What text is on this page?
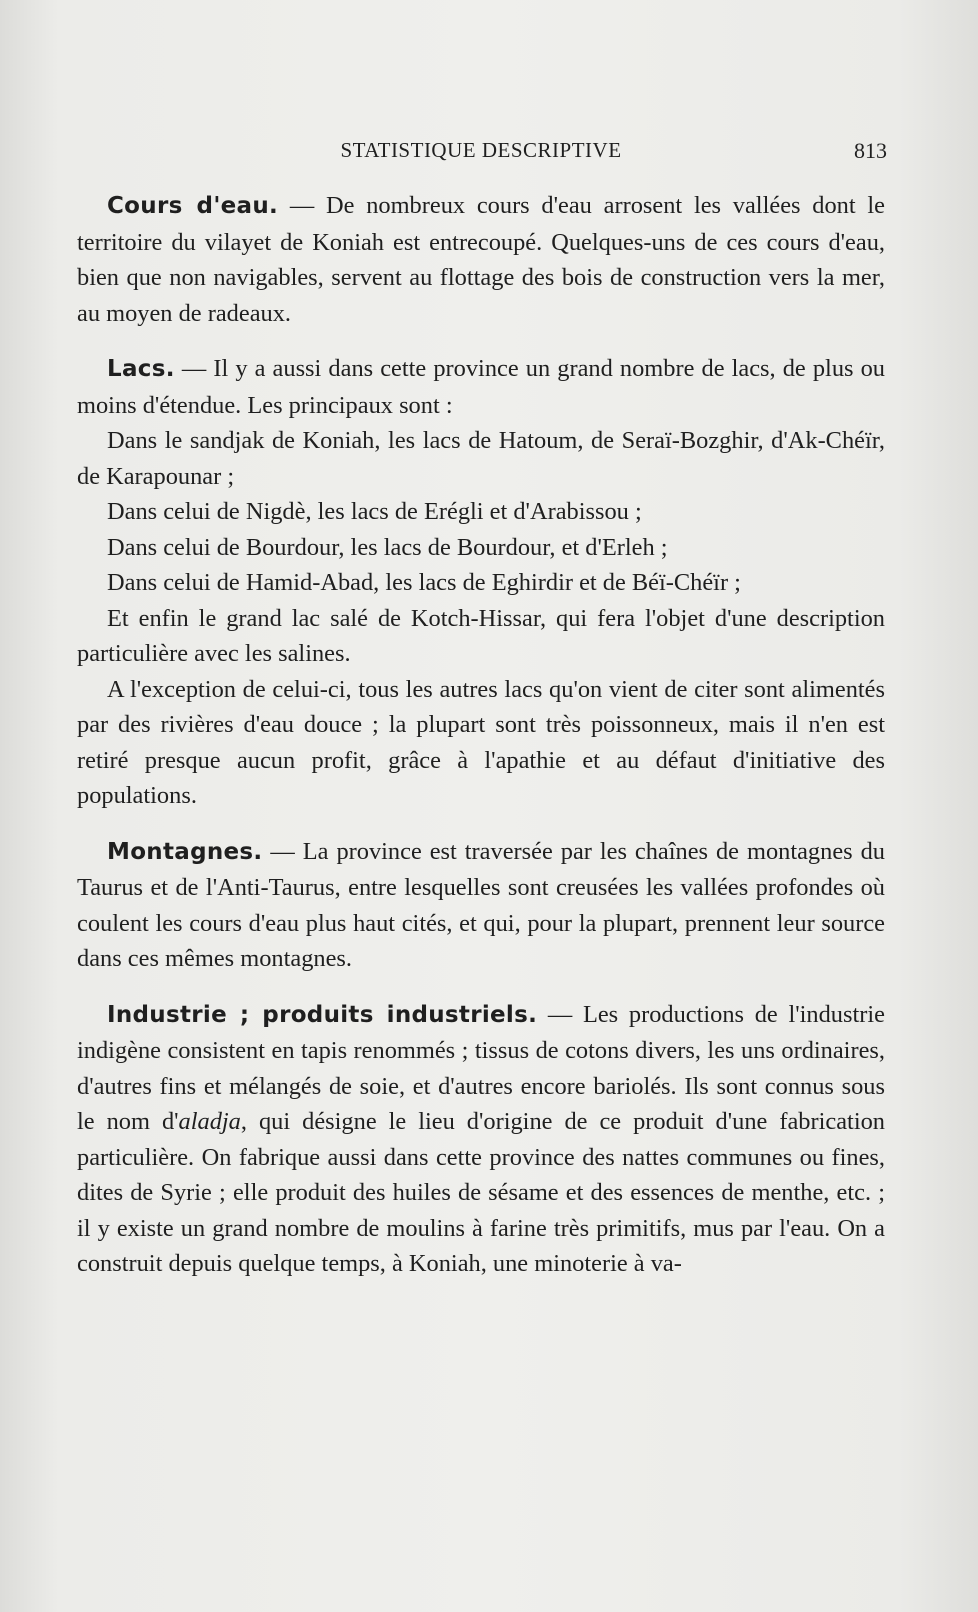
STATISTIQUE DESCRIPTIVE	813

Cours d'eau. — De nombreux cours d'eau arrosent les vallées dont le territoire du vilayet de Koniah est entrecoupé. Quelques-uns de ces cours d'eau, bien que non navigables, servent au flottage des bois de construction vers la mer, au moyen de radeaux.

Lacs. — Il y a aussi dans cette province un grand nombre de lacs, de plus ou moins d'étendue. Les principaux sont :

Dans le sandjak de Koniah, les lacs de Hatoum, de Seraï-Bozghir, d'Ak-Chéïr, de Karapounar ;

Dans celui de Nigdè, les lacs de Erégli et d'Arabissou ;

Dans celui de Bourdour, les lacs de Bourdour, et d'Erleh ;

Dans celui de Hamid-Abad, les lacs de Eghirdir et de Béï-Chéïr ;

Et enfin le grand lac salé de Kotch-Hissar, qui fera l'objet d'une description particulière avec les salines.

A l'exception de celui-ci, tous les autres lacs qu'on vient de citer sont alimentés par des rivières d'eau douce ; la plupart sont très poissonneux, mais il n'en est retiré presque aucun profit, grâce à l'apathie et au défaut d'initiative des populations.

Montagnes. — La province est traversée par les chaînes de montagnes du Taurus et de l'Anti-Taurus, entre lesquelles sont creusées les vallées profondes où coulent les cours d'eau plus haut cités, et qui, pour la plupart, prennent leur source dans ces mêmes montagnes.

Industrie ; produits industriels. — Les productions de l'industrie indigène consistent en tapis renommés ; tissus de cotons divers, les uns ordinaires, d'autres fins et mélangés de soie, et d'autres encore bariolés. Ils sont connus sous le nom d'aladja, qui désigne le lieu d'origine de ce produit d'une fabrication particulière. On fabrique aussi dans cette province des nattes communes ou fines, dites de Syrie ; elle produit des huiles de sésame et des essences de menthe, etc. ; il y existe un grand nombre de moulins à farine très primitifs, mus par l'eau. On a construit depuis quelque temps, à Koniah, une minoterie à va-
